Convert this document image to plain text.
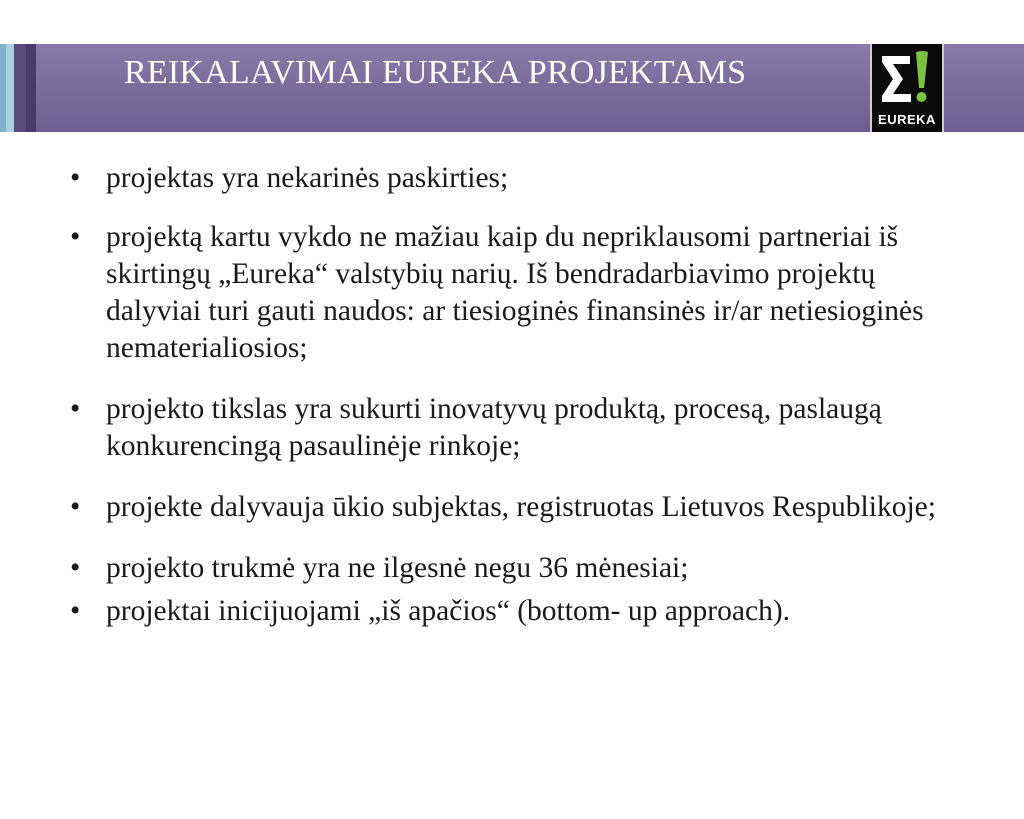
REIKALAVIMAI EUREKA PROJEKTAMS
EUREKA
• projektas yra nekarinės paskirties;
• projektą kartu vykdo ne mažiau kaip du nepriklausomi partneriai iš skirtingų „Eureka“ valstybių narių. Iš bendradarbiavimo projektų dalyviai turi gauti naudos: ar tiesioginės finansinės ir/ar netiesioginės nematerialiosios;
• projekto tikslas yra sukurti inovatyvų produktą, procesą, paslaugą konkurencingą pasaulinėje rinkoje;
• projekte dalyvauja ūkio subjektas, registruotas Lietuvos Respublikoje;
• projekto trukmė yra ne ilgesnė negu 36 mėnesiai;
• projektai inicijuojami „iš apačios“ (bottom- up approach).
